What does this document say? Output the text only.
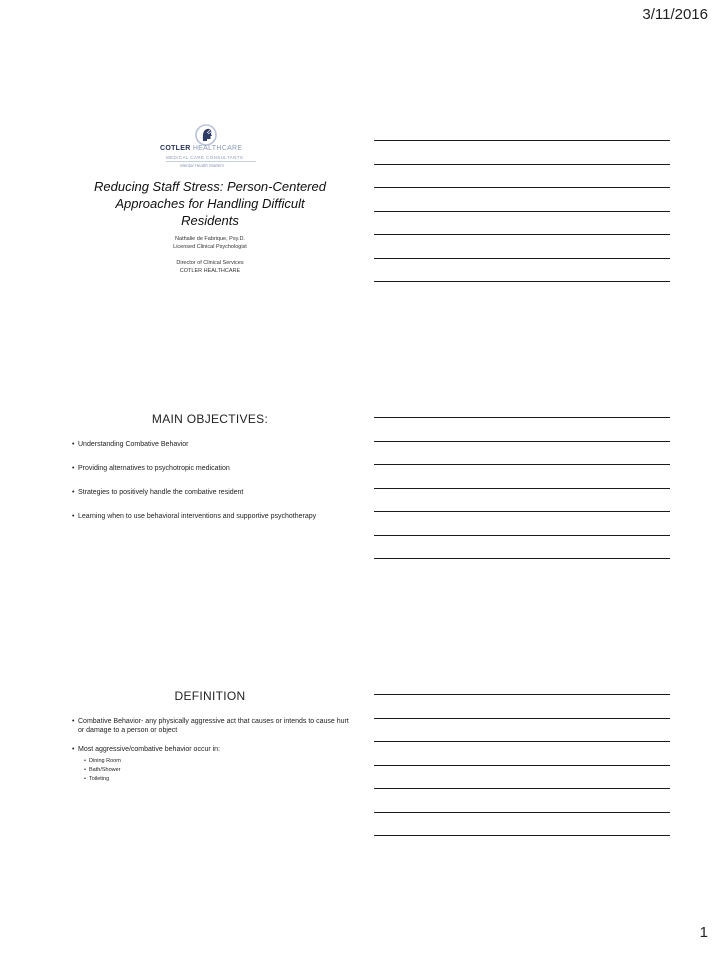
3/11/2016
COTLER HEALTHCARE
MEDICAL CARE CONSULTANTS
Mental Health Matters
Reducing Staff Stress: Person-Centered
Approaches for Handling Difficult
Residents
Nathalie de Fabrique, Psy.D.
Licensed Clinical Psychologist
Director of Clinical Services
COTLER HEALTHCARE
MAIN OBJECTIVES:
• Understanding Combative Behavior
• Providing alternatives to psychotropic medication
• Strategies to positively handle the combative resident
• Learning when to use behavioral interventions and supportive psychotherapy
DEFINITION
• Combative Behavior- any physically aggressive act that causes or intends to cause hurt or damage to a person or object
• Most aggressive/combative behavior occur in:
• Dining Room
• Bath/Shower
• Toileting
1
